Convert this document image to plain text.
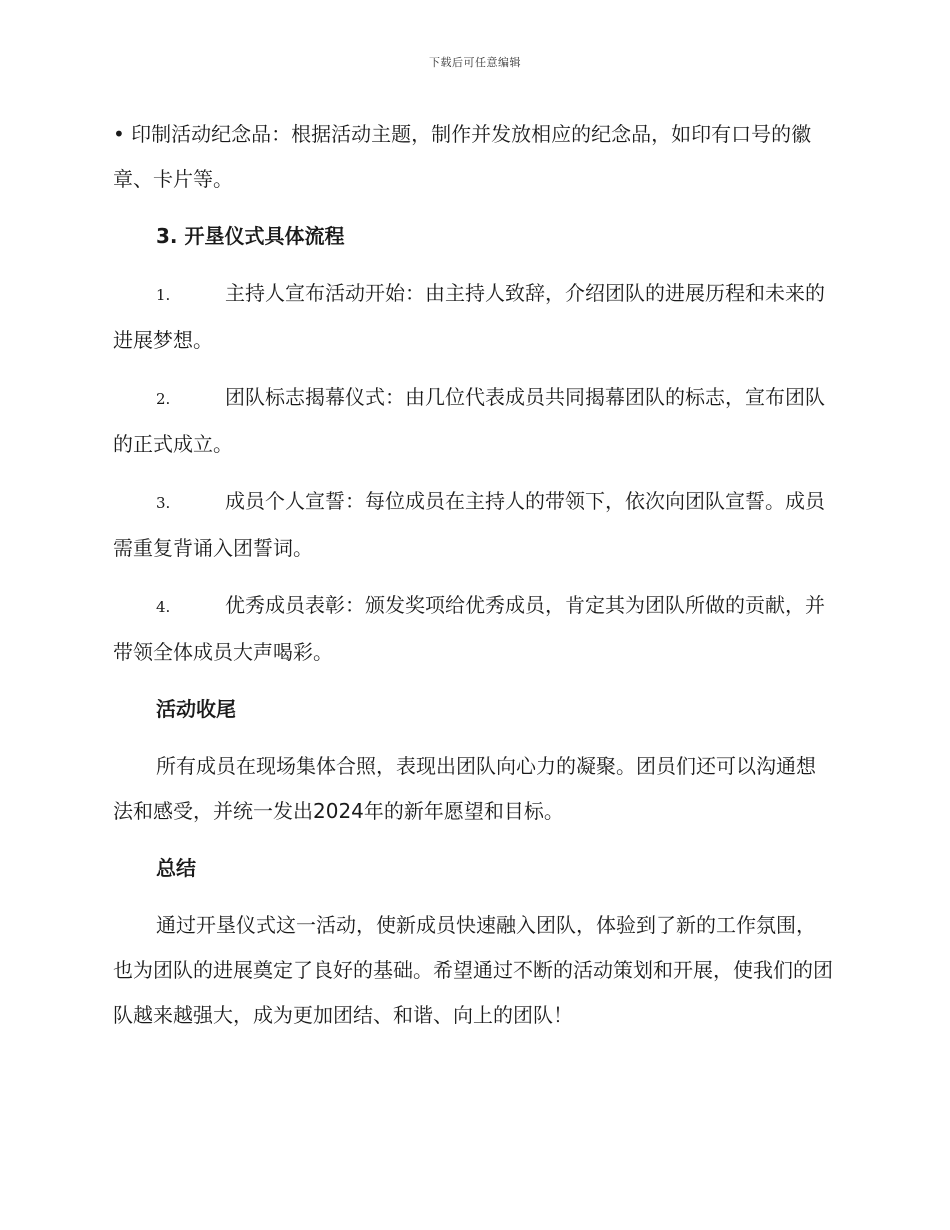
下载后可任意编辑

• 印制活动纪念品：根据活动主题，制作并发放相应的纪念品，如印有口号的徽章、卡片等。

3. 开垦仪式具体流程

1.	主持人宣布活动开始：由主持人致辞，介绍团队的进展历程和未来的进展梦想。

2.	团队标志揭幕仪式：由几位代表成员共同揭幕团队的标志，宣布团队的正式成立。

3.	成员个人宣誓：每位成员在主持人的带领下，依次向团队宣誓。成员需重复背诵入团誓词。

4.	优秀成员表彰：颁发奖项给优秀成员，肯定其为团队所做的贡献，并带领全体成员大声喝彩。

活动收尾

所有成员在现场集体合照，表现出团队向心力的凝聚。团员们还可以沟通想法和感受，并统一发出2024年的新年愿望和目标。

总结

通过开垦仪式这一活动，使新成员快速融入团队，体验到了新的工作氛围，也为团队的进展奠定了良好的基础。希望通过不断的活动策划和开展，使我们的团队越来越强大，成为更加团结、和谐、向上的团队！
